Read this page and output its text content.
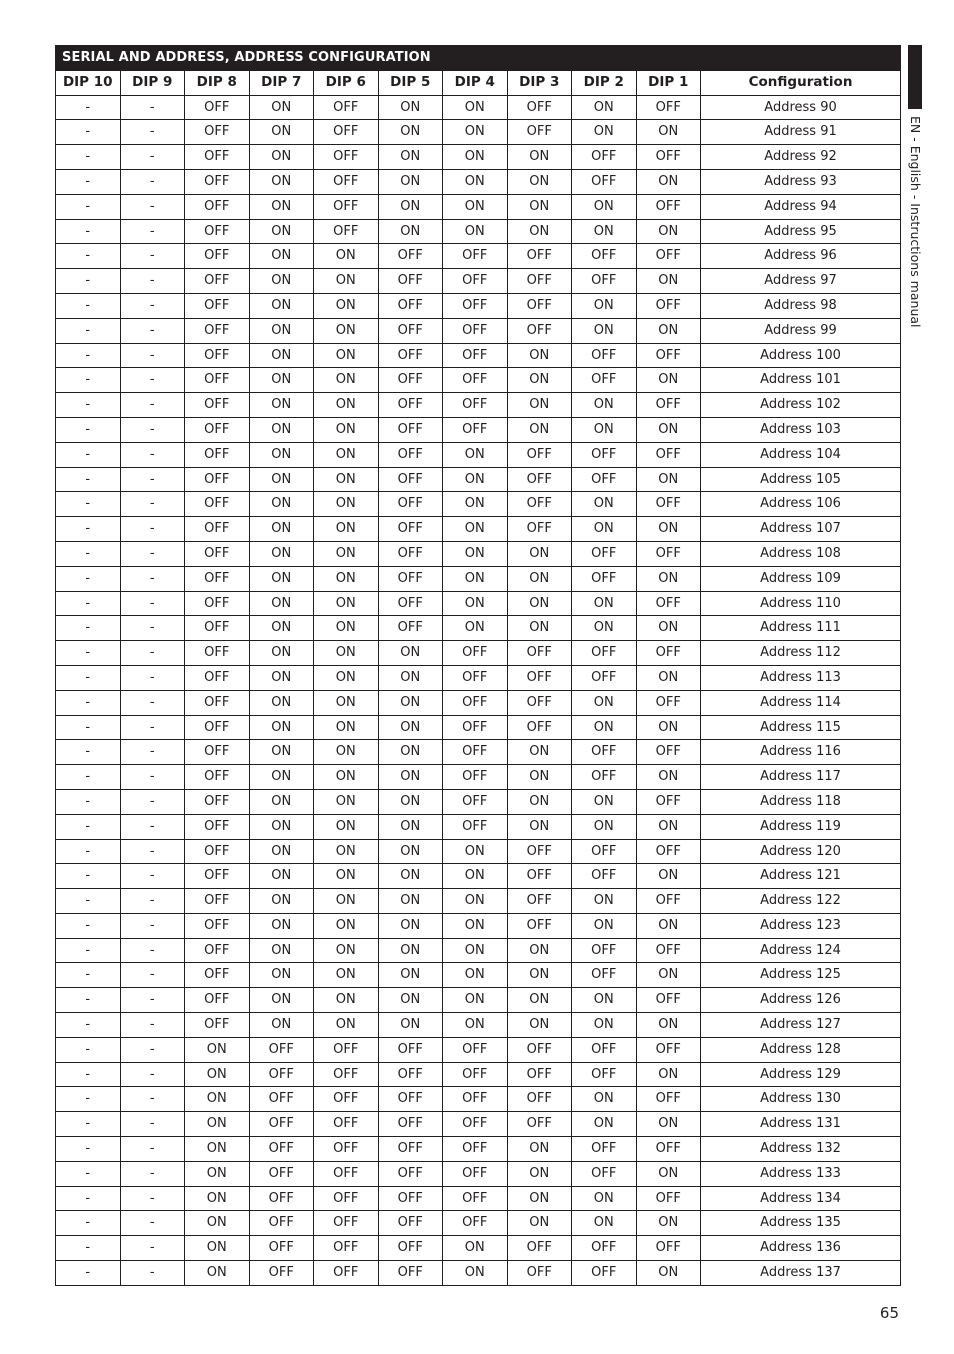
SERIAL AND ADDRESS, ADDRESS CONFIGURATION										
DIP 10	DIP 9	DIP 8	DIP 7	DIP 6	DIP 5	DIP 4	DIP 3	DIP 2	DIP 1	Configuration
-	-	OFF	ON	OFF	ON	ON	OFF	ON	OFF	Address 90
-	-	OFF	ON	OFF	ON	ON	OFF	ON	ON	Address 91
-	-	OFF	ON	OFF	ON	ON	ON	OFF	OFF	Address 92
-	-	OFF	ON	OFF	ON	ON	ON	OFF	ON	Address 93
-	-	OFF	ON	OFF	ON	ON	ON	ON	OFF	Address 94
-	-	OFF	ON	OFF	ON	ON	ON	ON	ON	Address 95
-	-	OFF	ON	ON	OFF	OFF	OFF	OFF	OFF	Address 96
-	-	OFF	ON	ON	OFF	OFF	OFF	OFF	ON	Address 97
-	-	OFF	ON	ON	OFF	OFF	OFF	ON	OFF	Address 98
-	-	OFF	ON	ON	OFF	OFF	OFF	ON	ON	Address 99
-	-	OFF	ON	ON	OFF	OFF	ON	OFF	OFF	Address 100
-	-	OFF	ON	ON	OFF	OFF	ON	OFF	ON	Address 101
-	-	OFF	ON	ON	OFF	OFF	ON	ON	OFF	Address 102
-	-	OFF	ON	ON	OFF	OFF	ON	ON	ON	Address 103
-	-	OFF	ON	ON	OFF	ON	OFF	OFF	OFF	Address 104
-	-	OFF	ON	ON	OFF	ON	OFF	OFF	ON	Address 105
-	-	OFF	ON	ON	OFF	ON	OFF	ON	OFF	Address 106
-	-	OFF	ON	ON	OFF	ON	OFF	ON	ON	Address 107
-	-	OFF	ON	ON	OFF	ON	ON	OFF	OFF	Address 108
-	-	OFF	ON	ON	OFF	ON	ON	OFF	ON	Address 109
-	-	OFF	ON	ON	OFF	ON	ON	ON	OFF	Address 110
-	-	OFF	ON	ON	OFF	ON	ON	ON	ON	Address 111
-	-	OFF	ON	ON	ON	OFF	OFF	OFF	OFF	Address 112
-	-	OFF	ON	ON	ON	OFF	OFF	OFF	ON	Address 113
-	-	OFF	ON	ON	ON	OFF	OFF	ON	OFF	Address 114
-	-	OFF	ON	ON	ON	OFF	OFF	ON	ON	Address 115
-	-	OFF	ON	ON	ON	OFF	ON	OFF	OFF	Address 116
-	-	OFF	ON	ON	ON	OFF	ON	OFF	ON	Address 117
-	-	OFF	ON	ON	ON	OFF	ON	ON	OFF	Address 118
-	-	OFF	ON	ON	ON	OFF	ON	ON	ON	Address 119
-	-	OFF	ON	ON	ON	ON	OFF	OFF	OFF	Address 120
-	-	OFF	ON	ON	ON	ON	OFF	OFF	ON	Address 121
-	-	OFF	ON	ON	ON	ON	OFF	ON	OFF	Address 122
-	-	OFF	ON	ON	ON	ON	OFF	ON	ON	Address 123
-	-	OFF	ON	ON	ON	ON	ON	OFF	OFF	Address 124
-	-	OFF	ON	ON	ON	ON	ON	OFF	ON	Address 125
-	-	OFF	ON	ON	ON	ON	ON	ON	OFF	Address 126
-	-	OFF	ON	ON	ON	ON	ON	ON	ON	Address 127
-	-	ON	OFF	OFF	OFF	OFF	OFF	OFF	OFF	Address 128
-	-	ON	OFF	OFF	OFF	OFF	OFF	OFF	ON	Address 129
-	-	ON	OFF	OFF	OFF	OFF	OFF	ON	OFF	Address 130
-	-	ON	OFF	OFF	OFF	OFF	OFF	ON	ON	Address 131
-	-	ON	OFF	OFF	OFF	OFF	ON	OFF	OFF	Address 132
-	-	ON	OFF	OFF	OFF	OFF	ON	OFF	ON	Address 133
-	-	ON	OFF	OFF	OFF	OFF	ON	ON	OFF	Address 134
-	-	ON	OFF	OFF	OFF	OFF	ON	ON	ON	Address 135
-	-	ON	OFF	OFF	OFF	ON	OFF	OFF	OFF	Address 136
-	-	ON	OFF	OFF	OFF	ON	OFF	OFF	ON	Address 137
EN - English - Instructions manual
65
